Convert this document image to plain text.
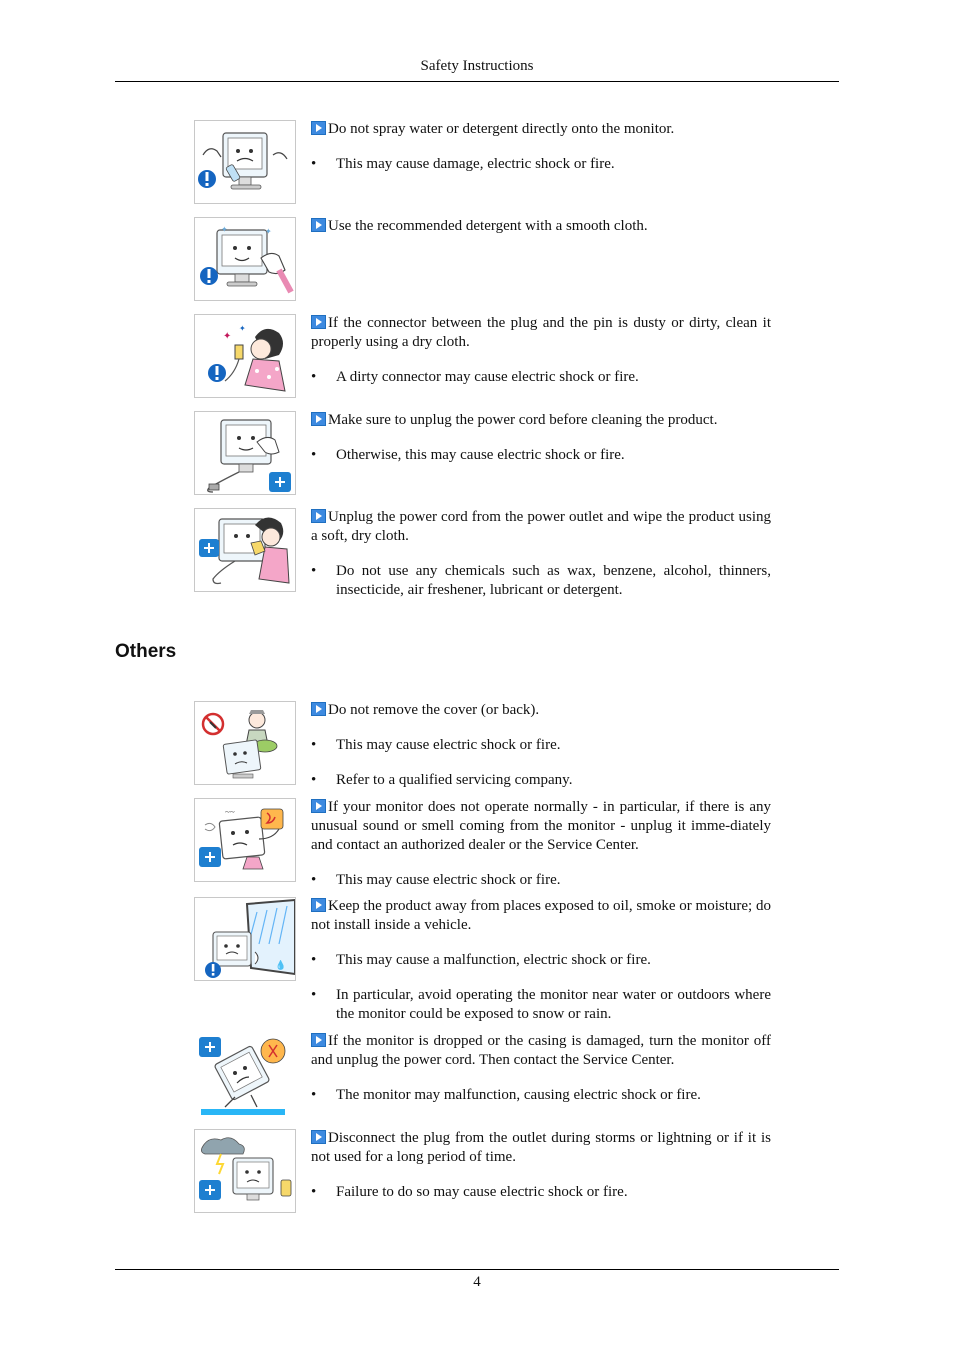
Safety Instructions

Do not spray water or detergent directly onto the monitor.

• This may cause damage, electric shock or fire.
✦	✦	Use the recommended detergent with a smooth cloth.

✦
✦	If the connector between the plug and the pin is dusty or dirty, clean it properly using a dry cloth.

• A dirty connector may cause electric shock or fire.

Make sure to unplug the power cord before cleaning the product.

• Otherwise, this may cause electric shock or fire.

Unplug the power cord from the power outlet and wipe the product using a soft, dry cloth.

• Do not use any chemicals such as wax, benzene, alcohol, thinners, insecticide, air freshener, lubricant or detergent.
Others

Do not remove the cover (or back).

• This may cause electric shock or fire.
• Refer to a qualified servicing company.
~~	If your monitor does not operate normally - in particular, if there is any unusual sound or smell coming from the monitor - unplug it imme-diately and contact an authorized dealer or the Service Center.

• This may cause electric shock or fire.
💧

Keep the product away from places exposed to oil, smoke or moisture; do not install inside a vehicle.

• This may cause a malfunction, electric shock or fire.
• In particular, avoid operating the monitor near water or outdoors where the monitor could be exposed to snow or rain.

If the monitor is dropped or the casing is damaged, turn the monitor off and unplug the power cord. Then contact the Service Center.

• The monitor may malfunction, causing electric shock or fire.

Disconnect the plug from the outlet during storms or lightning or if it is not used for a long period of time.

• Failure to do so may cause electric shock or fire.
4
